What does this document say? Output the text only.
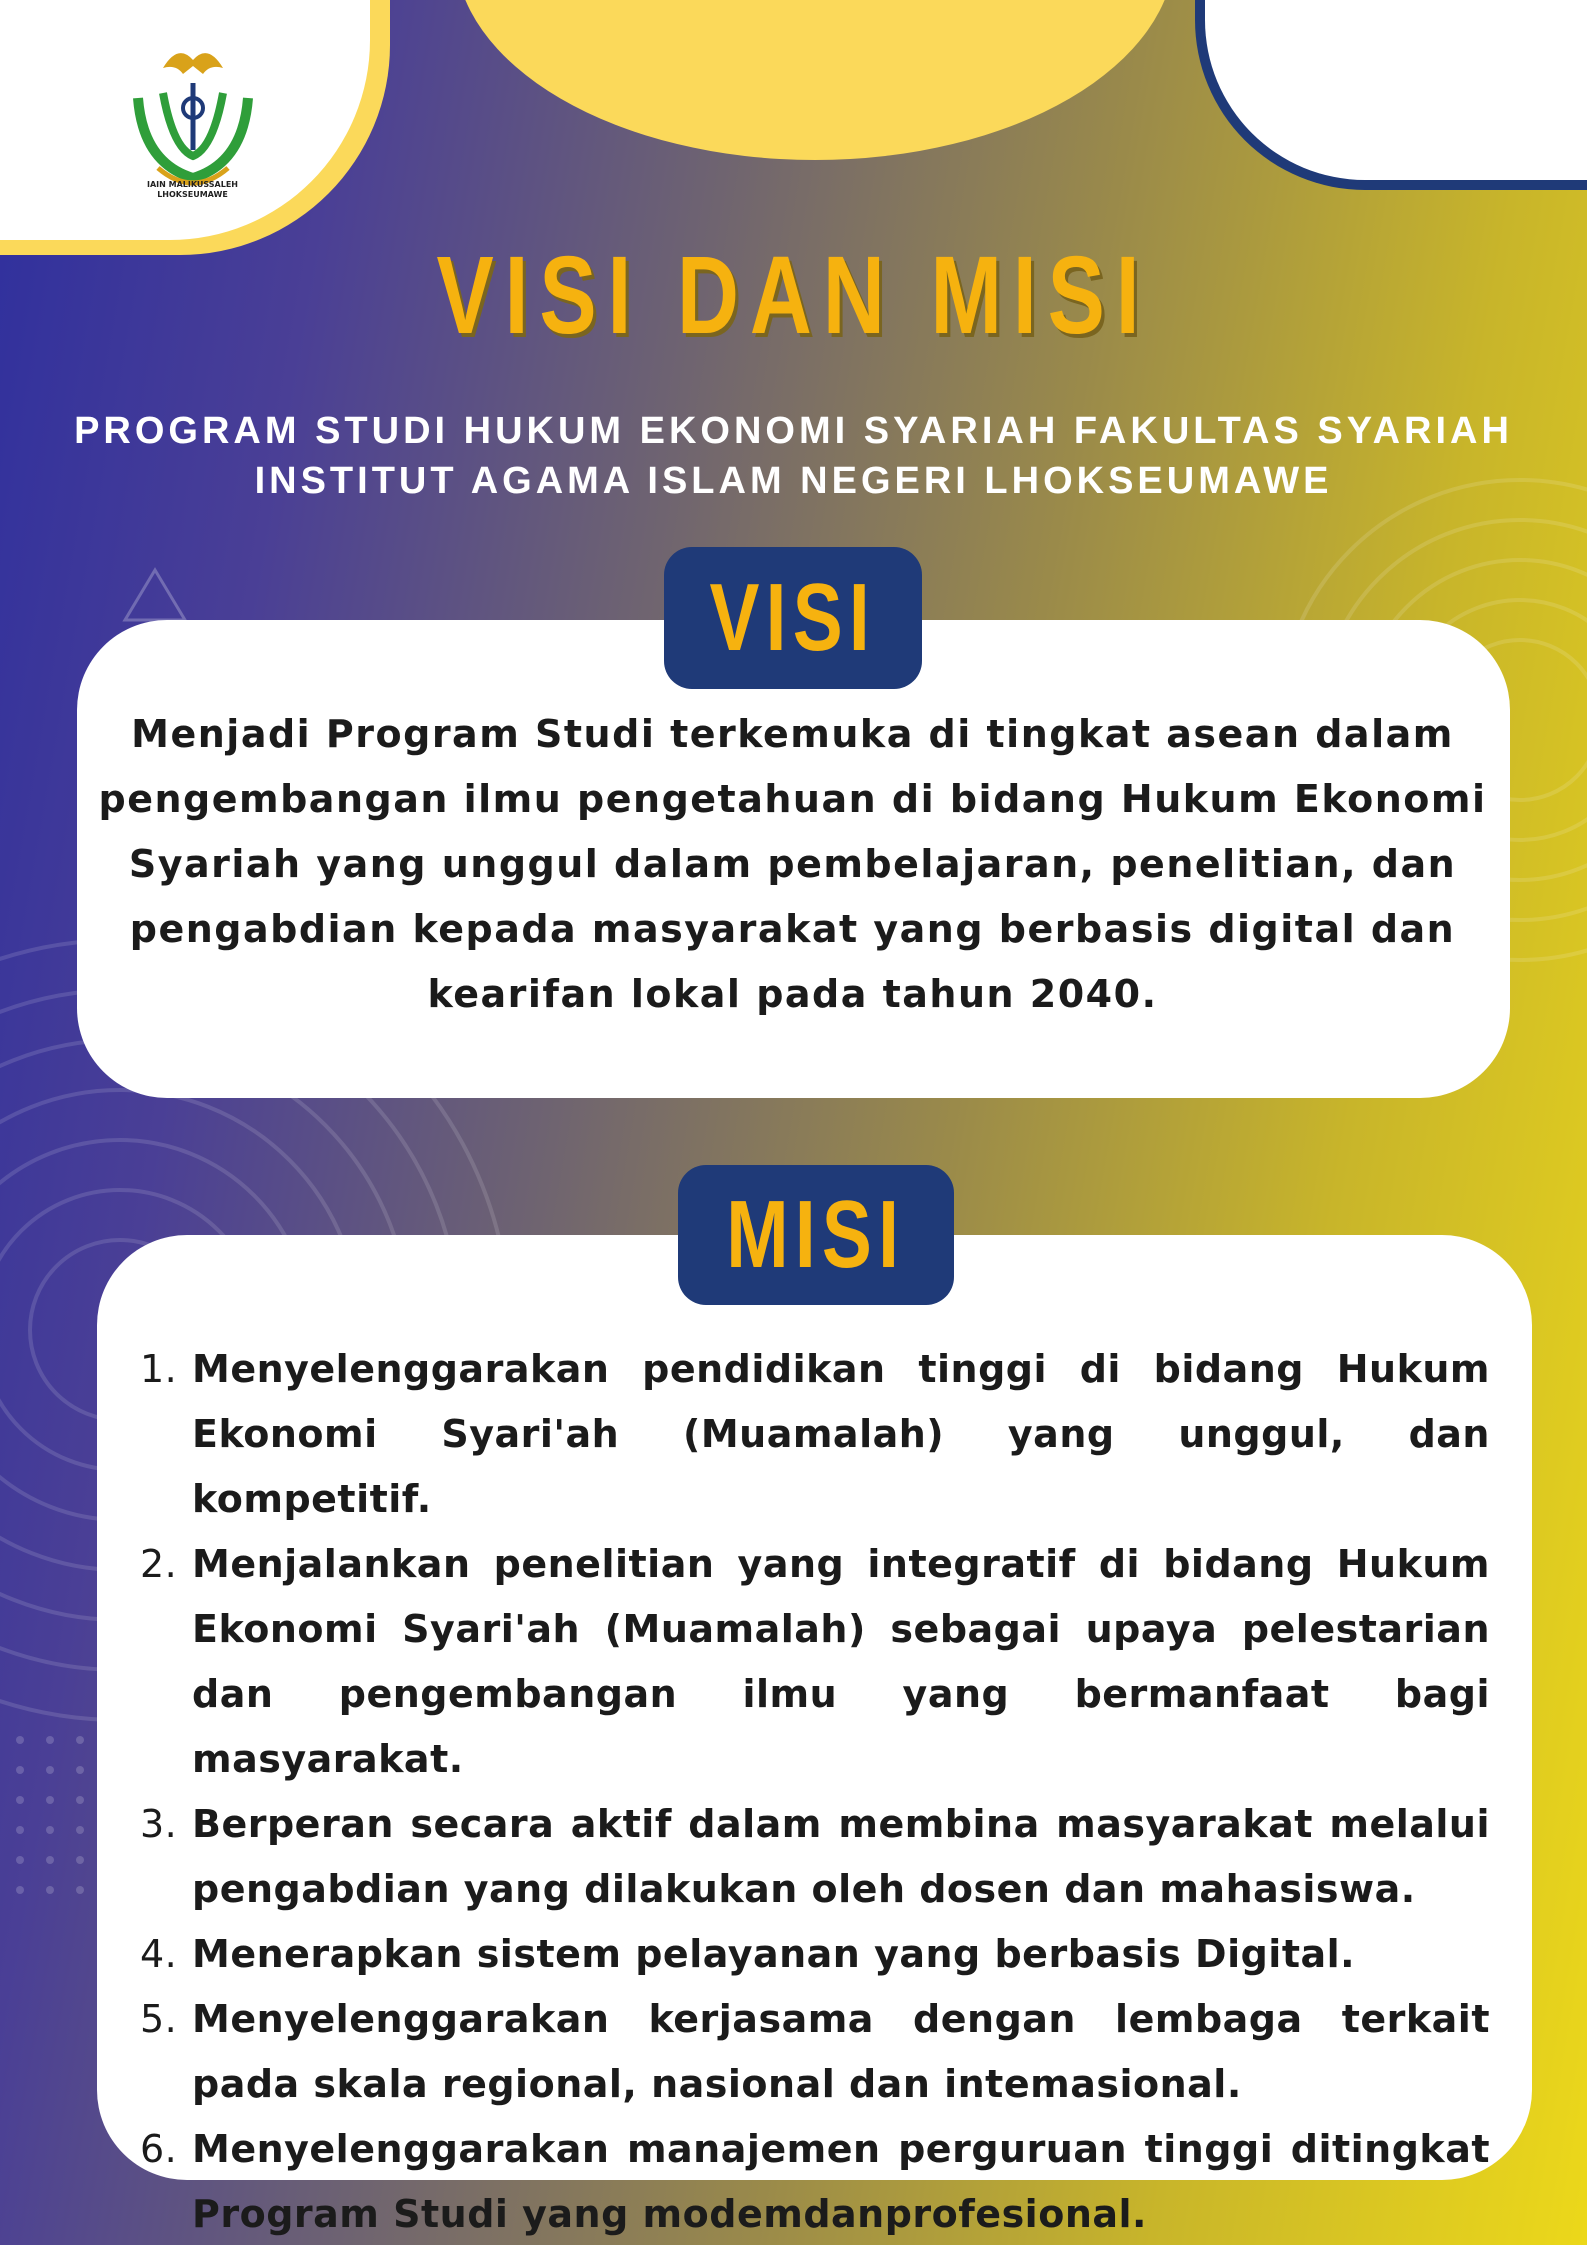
IAIN MALIKUSSALEH
LHOKSEUMAWE
VISI DAN MISI
PROGRAM STUDI HUKUM EKONOMI SYARIAH FAKULTAS SYARIAH
INSTITUT AGAMA ISLAM NEGERI LHOKSEUMAWE
VISI

Menjadi Program Studi terkemuka di tingkat asean dalam pengembangan ilmu pengetahuan di bidang Hukum Ekonomi Syariah yang unggul dalam pembelajaran, penelitian, dan pengabdian kepada masyarakat yang berbasis digital dan kearifan lokal pada tahun 2040.

MISI
1. Menyelenggarakan pendidikan tinggi di bidang Hukum Ekonomi Syari'ah (Muamalah) yang unggul, dan kompetitif.
2. Menjalankan penelitian yang integratif di bidang Hukum Ekonomi Syari'ah (Muamalah) sebagai upaya pelestarian dan pengembangan ilmu yang bermanfaat bagi masyarakat.
3. Berperan secara aktif dalam membina masyarakat melalui pengabdian yang dilakukan oleh dosen dan mahasiswa.
4. Menerapkan sistem pelayanan yang berbasis Digital.
5. Menyelenggarakan kerjasama dengan lembaga terkait pada skala regional, nasional dan intemasional.
6. Menyelenggarakan manajemen perguruan tinggi ditingkat Program Studi yang modemdanprofesional.
